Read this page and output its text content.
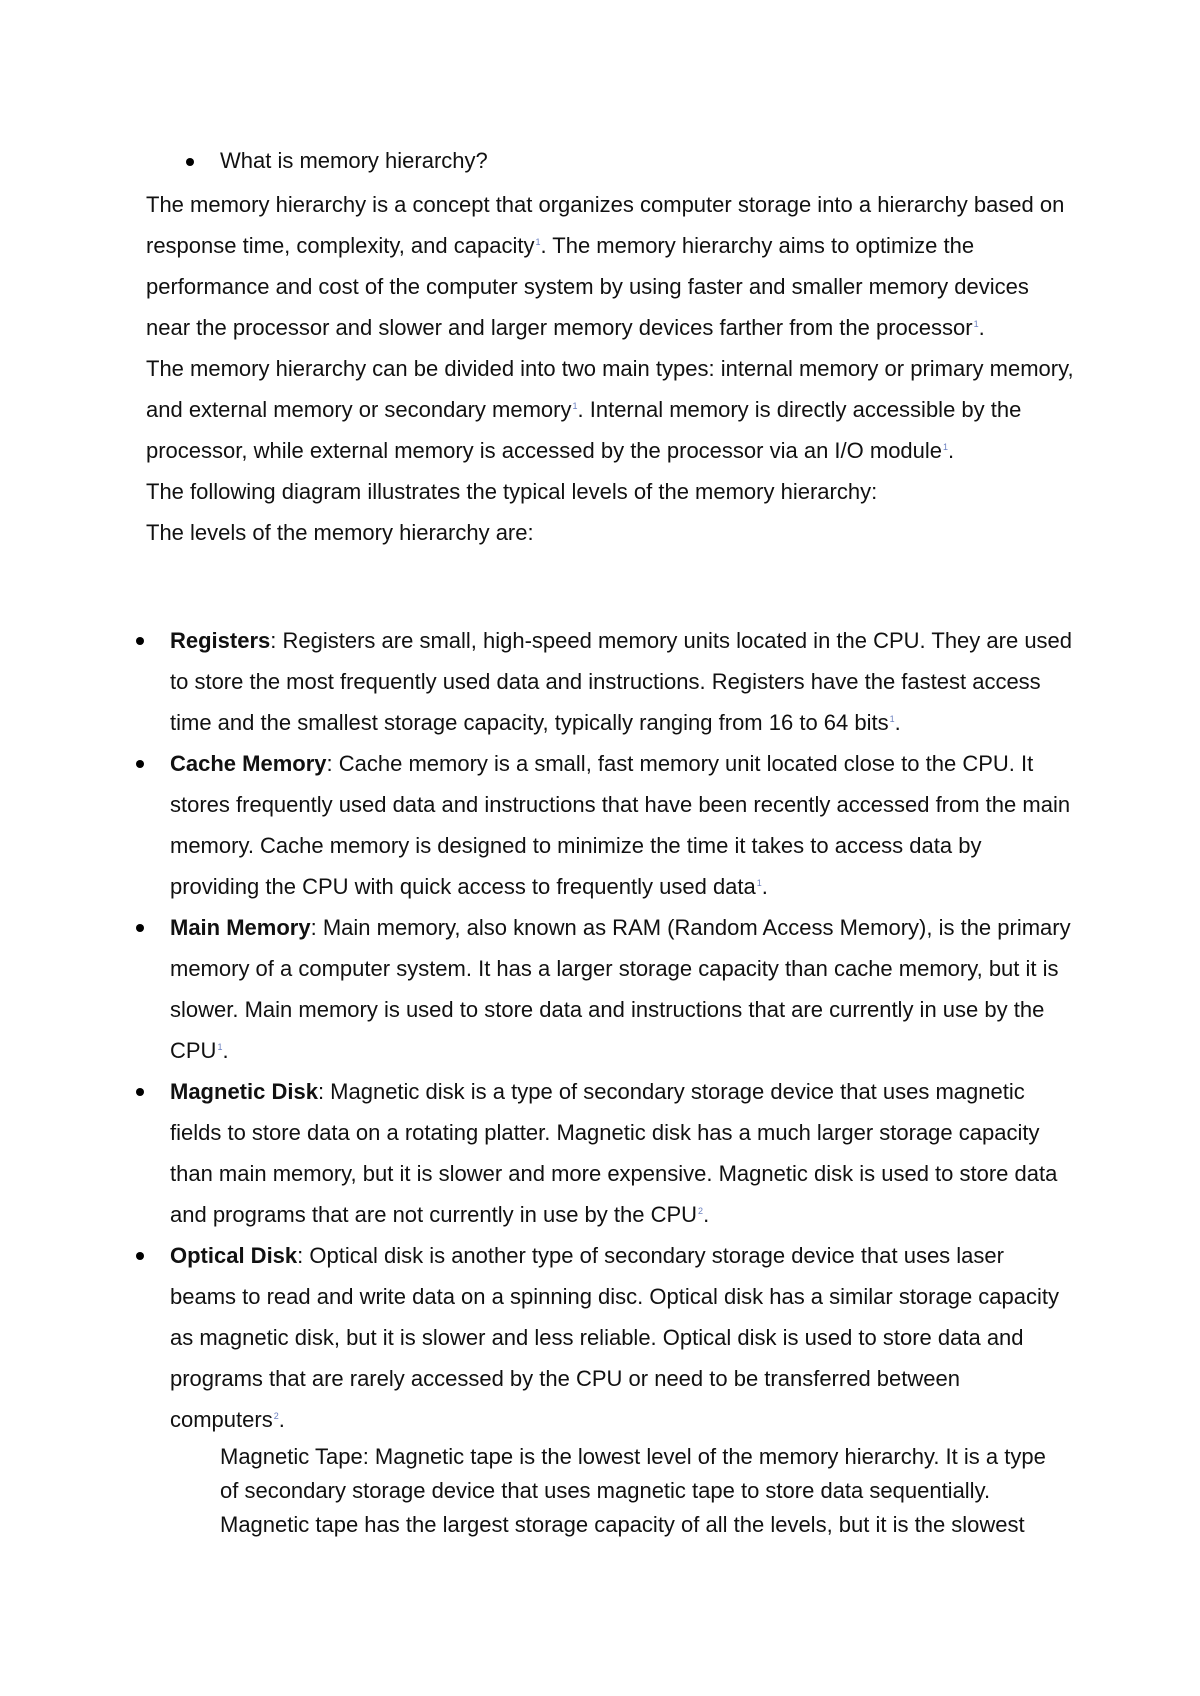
What is memory hierarchy?

The memory hierarchy is a concept that organizes computer storage into a hierarchy based on response time, complexity, and capacity$^1$. The memory hierarchy aims to optimize the performance and cost of the computer system by using faster and smaller memory devices near the processor and slower and larger memory devices farther from the processor$^1$.

The memory hierarchy can be divided into two main types: internal memory or primary memory, and external memory or secondary memory$^1$. Internal memory is directly accessible by the processor, while external memory is accessed by the processor via an I/O module$^1$.

The following diagram illustrates the typical levels of the memory hierarchy:

The levels of the memory hierarchy are:

Registers: Registers are small, high-speed memory units located in the CPU. They are used to store the most frequently used data and instructions. Registers have the fastest access time and the smallest storage capacity, typically ranging from 16 to 64 bits$^1$.
Cache Memory: Cache memory is a small, fast memory unit located close to the CPU. It stores frequently used data and instructions that have been recently accessed from the main memory. Cache memory is designed to minimize the time it takes to access data by providing the CPU with quick access to frequently used data$^1$.
Main Memory: Main memory, also known as RAM (Random Access Memory), is the primary memory of a computer system. It has a larger storage capacity than cache memory, but it is slower. Main memory is used to store data and instructions that are currently in use by the CPU$^1$.
Magnetic Disk: Magnetic disk is a type of secondary storage device that uses magnetic fields to store data on a rotating platter. Magnetic disk has a much larger storage capacity than main memory, but it is slower and more expensive. Magnetic disk is used to store data and programs that are not currently in use by the CPU$^2$.
Optical Disk: Optical disk is another type of secondary storage device that uses laser beams to read and write data on a spinning disc. Optical disk has a similar storage capacity as magnetic disk, but it is slower and less reliable. Optical disk is used to store data and programs that are rarely accessed by the CPU or need to be transferred between computers$^2$.

Magnetic Tape: Magnetic tape is the lowest level of the memory hierarchy. It is a type of secondary storage device that uses magnetic tape to store data sequentially. Magnetic tape has the largest storage capacity of all the levels, but it is the slowest
